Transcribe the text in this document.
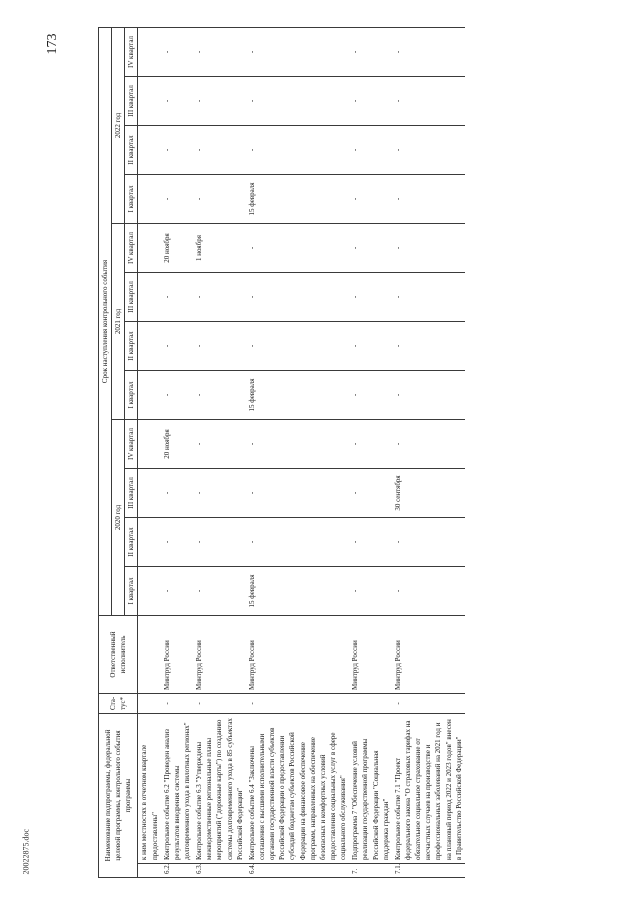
173
Наименование подпрограммы, федеральной целевой программы, контрольного события программы		Ста-тус*	Ответственный исполнитель	Срок наступления контрольного события											
				2020 год				2021 год				2022 год			
				I квартал	II квартал	III квартал	IV квартал	I квартал	II квартал	III квартал	IV квартал	I квартал	II квартал	III квартал	IV квартал
	к ним местностях в отчетном квартале предоставлены"			

6.2.	Контрольное событие 6.2 "Проведен анализ результатов внедрения системы долговременного ухода в пилотных регионах"	-	Минтруд России	-	-	-	20 ноября	-	-	-	20 ноября	-	-	-	-

6.3.	Контрольное событие 6.3 "Утверждены межведомственные региональные планы мероприятий ("дорожные карты") по созданию системы долговременного ухода в 85 субъектах Российской Федерации"	-	Минтруд России	-	-	-	-	-	-	-	1 ноября	-	-	-	-

6.4.	Контрольное событие 6.4 "Заключены соглашения с высшими исполнительными органами государственной власти субъектов Российской Федерации о предоставлении субсидий бюджетам субъектов Российской Федерации на финансовое обеспечение программ, направленных на обеспечение безопасных и комфортных условий предоставления социальных услуг в сфере социального обслуживания"	-	Минтруд России	15 февраля	-	-	-	15 февраля	-	-	-	15 февраля	-	-	-

7.	Подпрограмма 7 "Обеспечение условий реализации государственной программы Российской Федерации "Социальная поддержка граждан"		Минтруд России	-	-	-	-	-	-	-	-	-	-	-	-

7.1.	Контрольное событие 7.1 "Проект федерального закона "О страховых тарифах на обязательное социальное страхование от несчастных случаев на производстве и профессиональных заболеваний на 2021 год и на плановый период 2022 и 2023 годов" внесен в Правительство Российской Федерации"	-	Минтруд России	-	-	30 сентября	-	-	-	-	-	-	-	-	-
20022875.doc
